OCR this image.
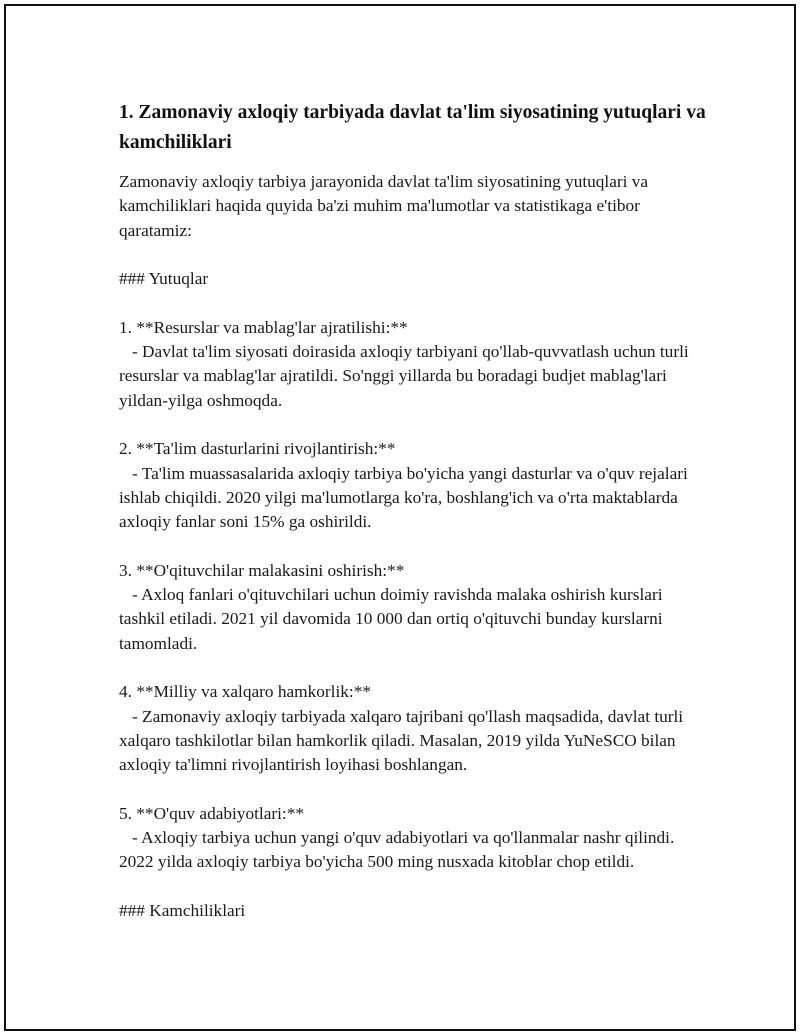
1. Zamonaviy axloqiy tarbiyada davlat ta'lim siyosatining yutuqlari va kamchiliklari

Zamonaviy axloqiy tarbiya jarayonida davlat ta'lim siyosatining yutuqlari va kamchiliklari haqida quyida ba'zi muhim ma'lumotlar va statistikaga e'tibor qaratamiz:

### Yutuqlar

1. **Resurslar va mablag'lar ajratilishi:**

- Davlat ta'lim siyosati doirasida axloqiy tarbiyani qo'llab-quvvatlash uchun turli resurslar va mablag'lar ajratildi. So'nggi yillarda bu boradagi budjet mablag'lari yildan-yilga oshmoqda.

2. **Ta'lim dasturlarini rivojlantirish:**

- Ta'lim muassasalarida axloqiy tarbiya bo'yicha yangi dasturlar va o'quv rejalari ishlab chiqildi. 2020 yilgi ma'lumotlarga ko'ra, boshlang'ich va o'rta maktablarda axloqiy fanlar soni 15% ga oshirildi.

3. **O'qituvchilar malakasini oshirish:**

- Axloq fanlari o'qituvchilari uchun doimiy ravishda malaka oshirish kurslari tashkil etiladi. 2021 yil davomida 10 000 dan ortiq o'qituvchi bunday kurslarni tamomladi.

4. **Milliy va xalqaro hamkorlik:**

- Zamonaviy axloqiy tarbiyada xalqaro tajribani qo'llash maqsadida, davlat turli xalqaro tashkilotlar bilan hamkorlik qiladi. Masalan, 2019 yilda YuNeSCO bilan axloqiy ta'limni rivojlantirish loyihasi boshlangan.

5. **O'quv adabiyotlari:**

- Axloqiy tarbiya uchun yangi o'quv adabiyotlari va qo'llanmalar nashr qilindi. 2022 yilda axloqiy tarbiya bo'yicha 500 ming nusxada kitoblar chop etildi.

### Kamchiliklari
